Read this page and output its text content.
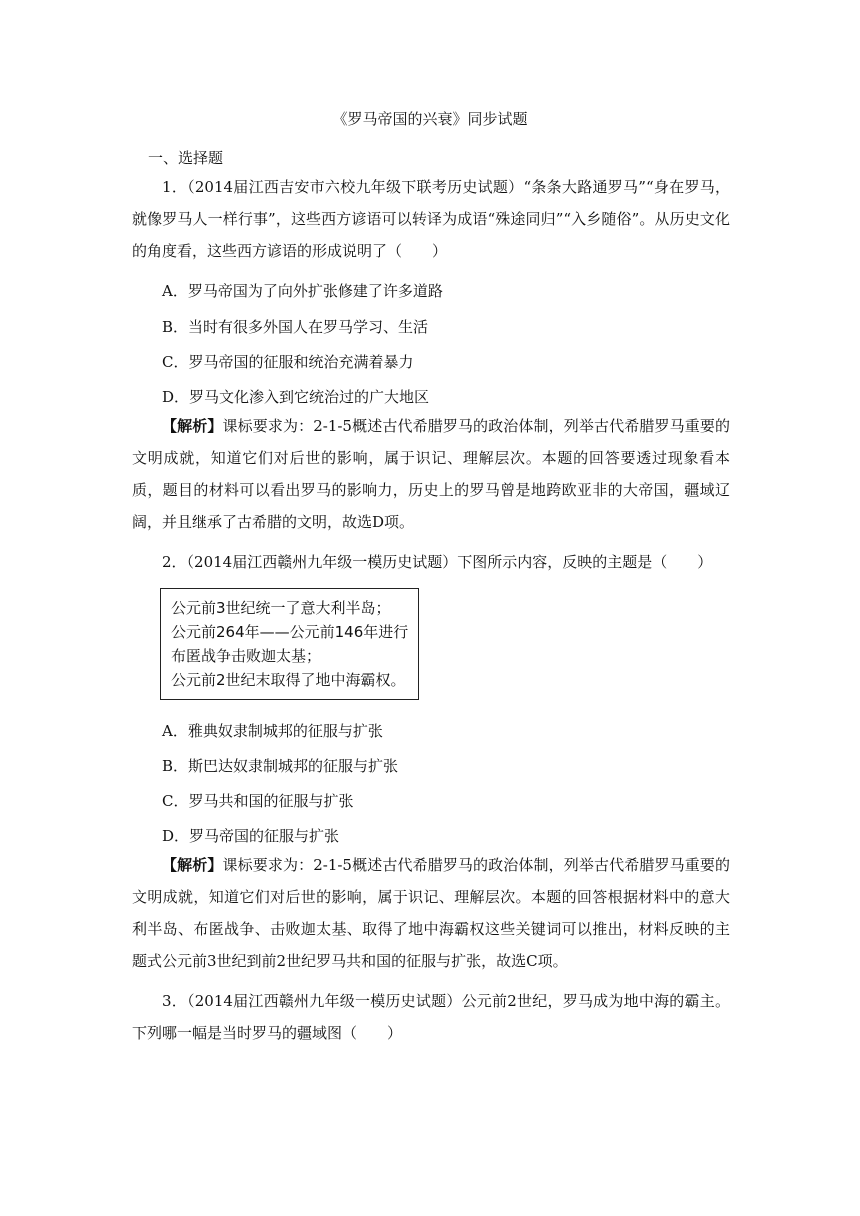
《罗马帝国的兴衰》同步试题
一、选择题
1．（2014届江西吉安市六校九年级下联考历史试题）“条条大路通罗马”“身在罗马，就像罗马人一样行事”，这些西方谚语可以转译为成语“殊途同归”“入乡随俗”。从历史文化的角度看，这些西方谚语的形成说明了（　　）
A．罗马帝国为了向外扩张修建了许多道路
B．当时有很多外国人在罗马学习、生活
C．罗马帝国的征服和统治充满着暴力
D．罗马文化渗入到它统治过的广大地区
【解析】课标要求为：2-1-5概述古代希腊罗马的政治体制，列举古代希腊罗马重要的文明成就，知道它们对后世的影响，属于识记、理解层次。本题的回答要透过现象看本质，题目的材料可以看出罗马的影响力，历史上的罗马曾是地跨欧亚非的大帝国，疆域辽阔，并且继承了古希腊的文明，故选D项。
2．（2014届江西赣州九年级一模历史试题）下图所示内容，反映的主题是（　　）
公元前3世纪统一了意大利半岛；
公元前264年——公元前146年进行
布匿战争击败迦太基；
公元前2世纪末取得了地中海霸权。
A．雅典奴隶制城邦的征服与扩张
B．斯巴达奴隶制城邦的征服与扩张
C．罗马共和国的征服与扩张
D．罗马帝国的征服与扩张
【解析】课标要求为：2-1-5概述古代希腊罗马的政治体制，列举古代希腊罗马重要的文明成就，知道它们对后世的影响，属于识记、理解层次。本题的回答根据材料中的意大利半岛、布匿战争、击败迦太基、取得了地中海霸权这些关键词可以推出，材料反映的主题式公元前3世纪到前2世纪罗马共和国的征服与扩张，故选C项。
3．（2014届江西赣州九年级一模历史试题）公元前2世纪，罗马成为地中海的霸主。下列哪一幅是当时罗马的疆域图（　　）
